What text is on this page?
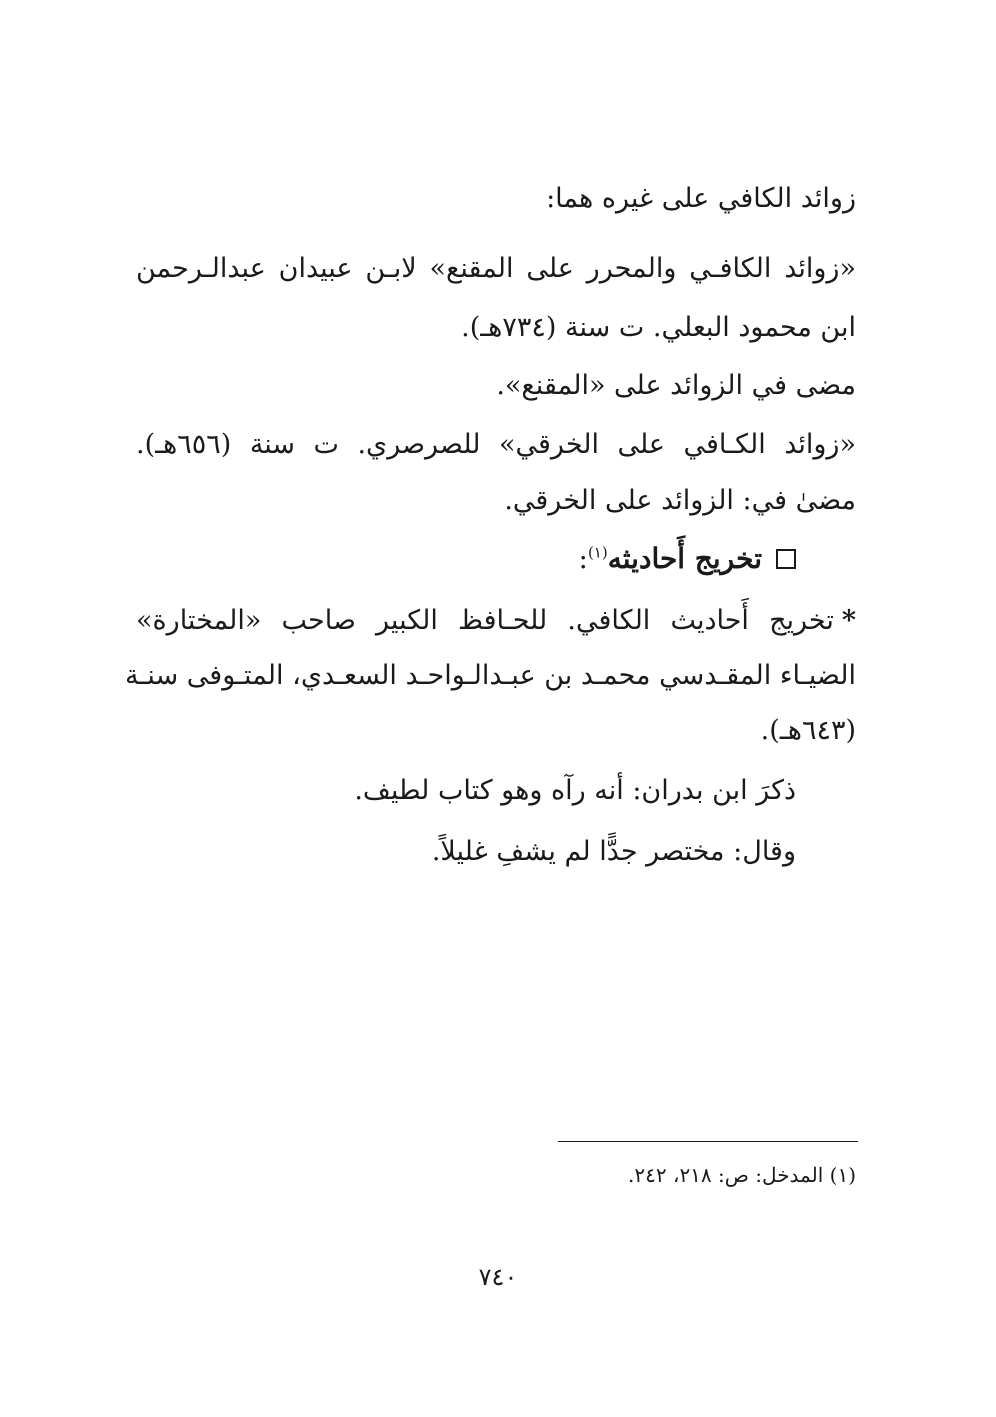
زوائد الكافي على غيره هما:
«زوائد الكافـي والمحرر على المقنع» لابـن عبيدان عبدالـرحمن
ابن محمود البعلي. ت سنة (٧٣٤هـ).
مضى في الزوائد على «المقنع».
«زوائد الكـافي على الخرقي» للصرصري. ت سنة (٦٥٦هـ).
مضىٰ في: الزوائد على الخرقي.
تخريج أَحاديثه$^{(١)}$:
*تخريج أَحاديث الكافي. للحـافظ الكبير صاحب «المختارة»
الضيـاء المقـدسي محمـد بن عبـدالـواحـد السعـدي، المتـوفى سنـة
(٦٤٣هـ).
ذكرَ ابن بدران: أنه رآه وهو كتاب لطيف.
وقال: مختصر جدًّا لم يشفِ غليلاً.
(١) المدخل: ص: ٢١٨، ٢٤٢.
٧٤٠
